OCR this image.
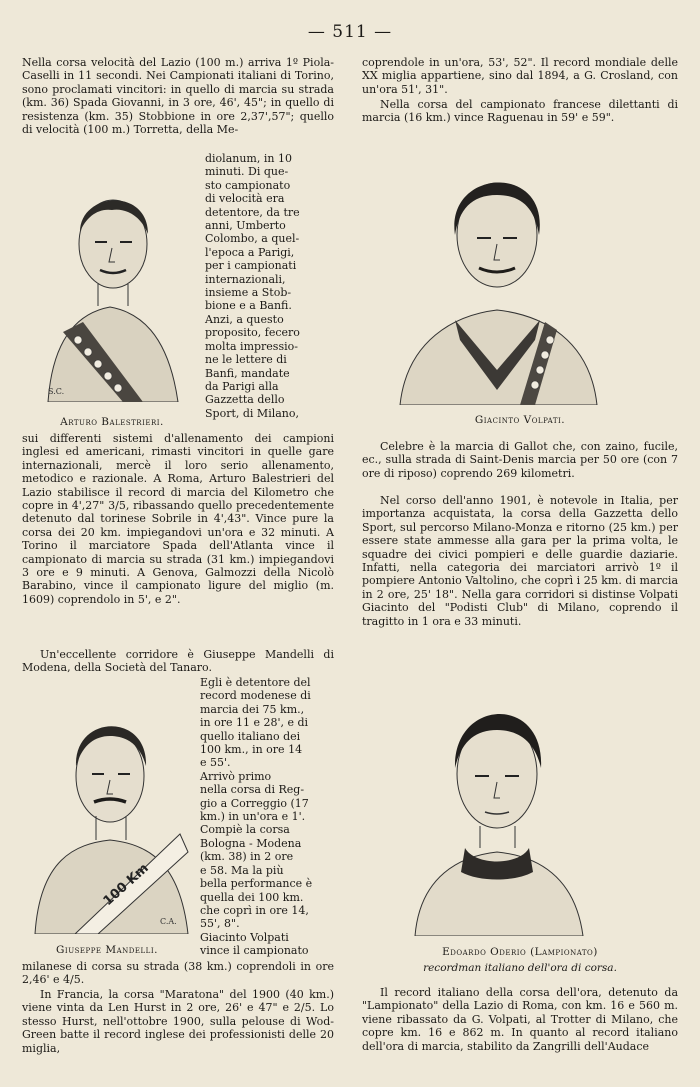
— 511 —
Nella corsa velocità del Lazio (100 m.) arriva 1º Piola-Caselli in 11 secondi. Nei Campionati italiani di Torino, sono proclamati vincitori: in quello di marcia su strada (km. 36) Spada Giovanni, in 3 ore, 46', 45"; in quello di resistenza (km. 35) Stobbione in ore 2,37',57"; quello di velocità (100 m.) Torretta, della Me-
S.C.
diolanum, in 10
minuti. Di que-
sto campionato
di velocità era
detentore, da tre
anni, Umberto
Colombo, a quel-
l'epoca a Parigi,
per i campionati
internazionali,
insieme a Stob-
bione e a Banfi.
Anzi, a questo
proposito, fecero
molta impressio-
ne le lettere di
Banfi, mandate
da Parigi alla
Gazzetta dello
Sport, di Milano,
Arturo Balestrieri.
sui differenti sistemi d'allenamento dei campioni inglesi ed americani, rimasti vincitori in quelle gare internazionali, mercè il loro serio allenamento, metodico e razionale. A Roma, Arturo Balestrieri del Lazio stabilisce il record di marcia del Kilometro che copre in 4',27" 3/5, ribassando quello precedentemente detenuto dal torinese Sobrile in 4',43". Vince pure la corsa dei 20 km. impiegandovi un'ora e 32 minuti. A Torino il marciatore Spada dell'Atlanta vince il campionato di marcia su strada (31 km.) impiegandovi 3 ore e 9 minuti. A Genova, Galmozzi della Nicolò Barabino, vince il campionato ligure del miglio (m. 1609) coprendolo in 5', e 2".
Un'eccellente corridore è Giuseppe Mandelli di Modena, della Società del Tanaro.
100 Km
C.A.
Egli è detentore del
record modenese di
marcia dei 75 km.,
in ore 11 e 28', e di
quello italiano dei
100 km., in ore 14
e 55'.
Arrivò primo
nella corsa di Reg-
gio a Correggio (17
km.) in un'ora e 1'.
Compiè la corsa
Bologna - Modena
(km. 38) in 2 ore
e 58. Ma la più
bella performance è
quella dei 100 km.
che coprì in ore 14,
55', 8".
Giacinto Volpati
vince il campionato
Giuseppe Mandelli.
milanese di corsa su strada (38 km.) coprendoli in ore 2,46' e 4/5.
In Francia, la corsa "Maratona" del 1900 (40 km.) viene vinta da Len Hurst in 2 ore, 26' e 47" e 2/5. Lo stesso Hurst, nell'ottobre 1900, sulla pelouse di Wod-Green batte il record inglese dei professionisti delle 20 miglia,
coprendole in un'ora, 53', 52". Il record mondiale delle XX miglia appartiene, sino dal 1894, a G. Crosland, con un'ora 51', 31".
Nella corsa del campionato francese dilettanti di marcia (16 km.) vince Raguenau in 59' e 59".
Giacinto Volpati.
Celebre è la marcia di Gallot che, con zaino, fucile, ec., sulla strada di Saint-Denis marcia per 50 ore (con 7 ore di riposo) coprendo 269 kilometri.
Nel corso dell'anno 1901, è notevole in Italia, per importanza acquistata, la corsa della Gazzetta dello Sport, sul percorso Milano-Monza e ritorno (25 km.) per essere state ammesse alla gara per la prima volta, le squadre dei civici pompieri e delle guardie daziarie. Infatti, nella categoria dei marciatori arrivò 1º il pompiere Antonio Valtolino, che coprì i 25 km. di marcia in 2 ore, 25' 18". Nella gara corridori si distinse Volpati Giacinto del "Podisti Club" di Milano, coprendo il tragitto in 1 ora e 33 minuti.
Edoardo Oderio (Lampionato)
recordman italiano dell'ora di corsa.
Il record italiano della corsa dell'ora, detenuto da "Lampionato" della Lazio di Roma, con km. 16 e 560 m. viene ribassato da G. Volpati, al Trotter di Milano, che copre km. 16 e 862 m. In quanto al record italiano dell'ora di marcia, stabilito da Zangrilli dell'Audace
